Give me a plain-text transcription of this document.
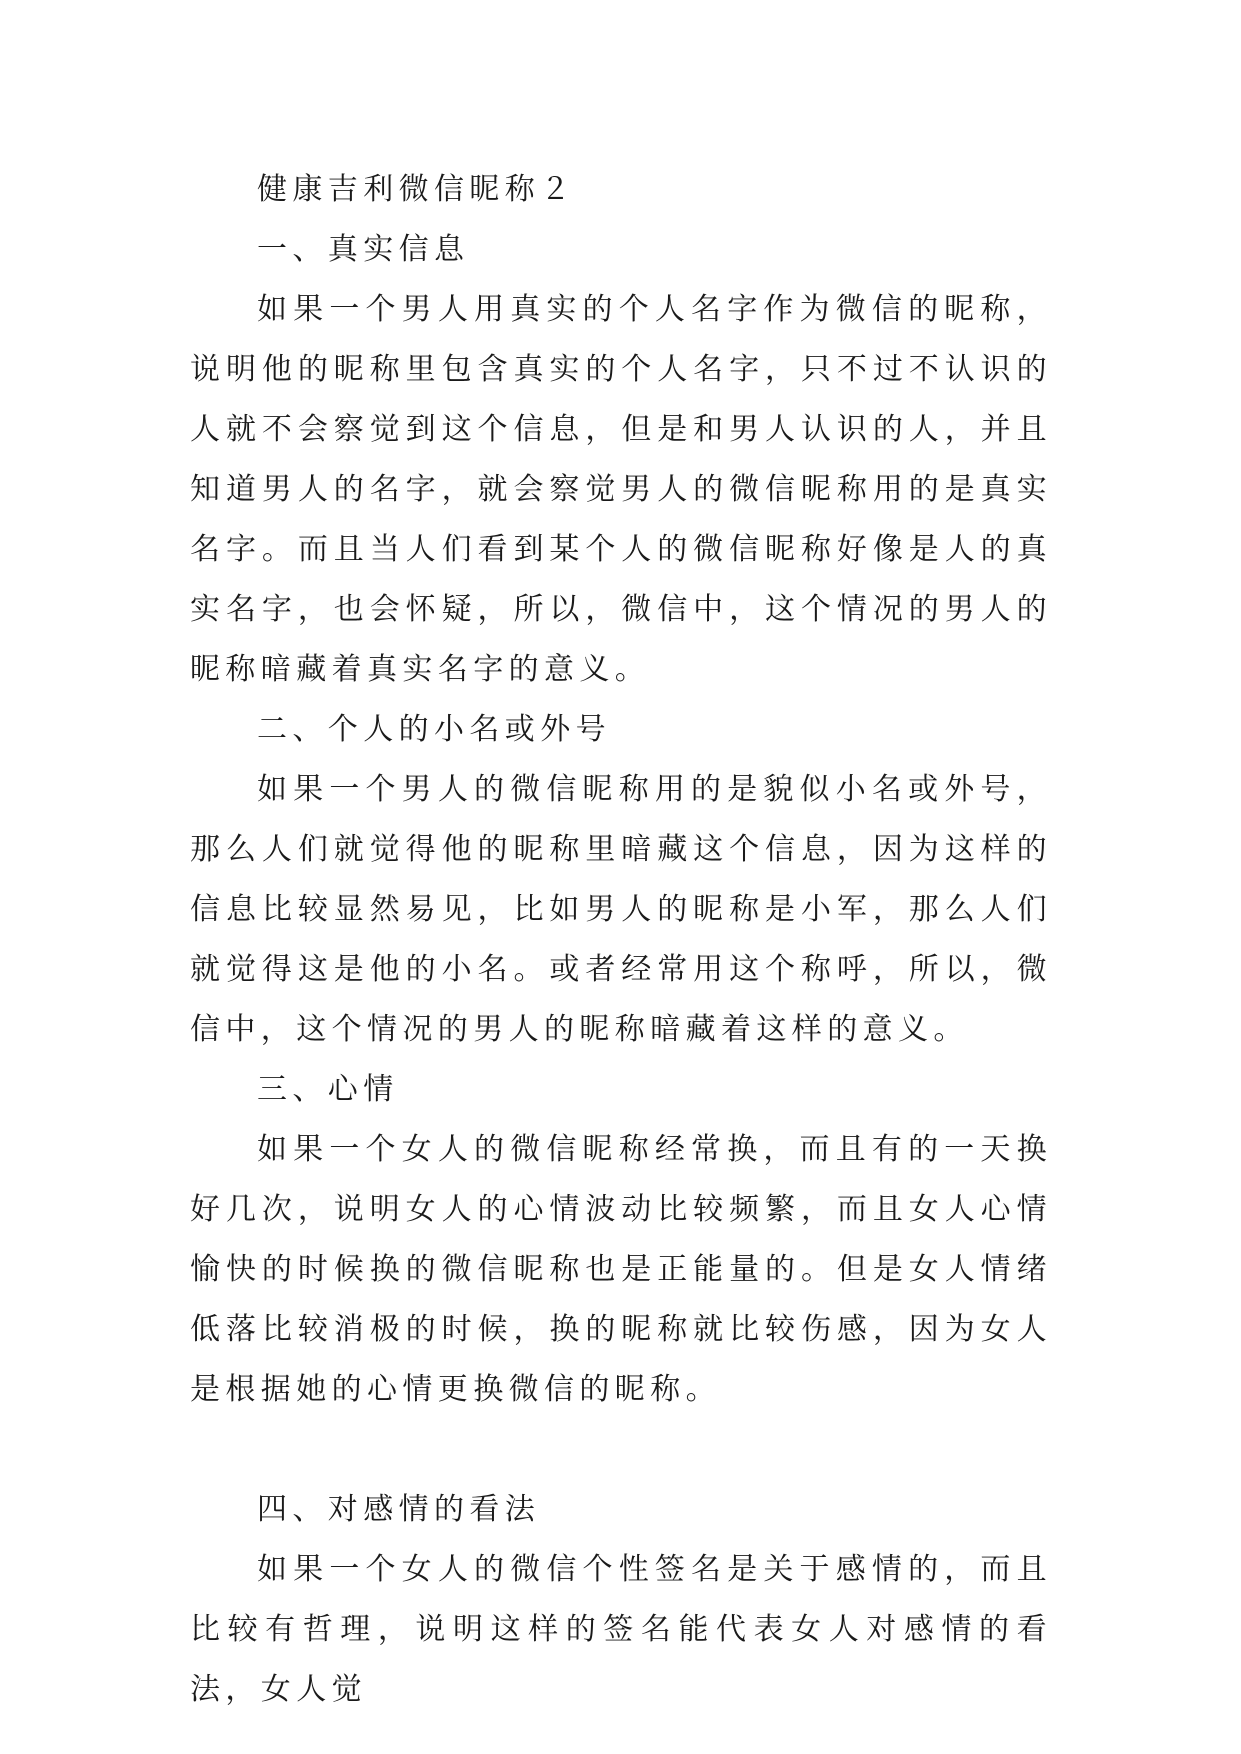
健康吉利微信昵称２

一、真实信息

如果一个男人用真实的个人名字作为微信的昵称，说明他的昵称里包含真实的个人名字，只不过不认识的人就不会察觉到这个信息，但是和男人认识的人，并且知道男人的名字，就会察觉男人的微信昵称用的是真实名字。而且当人们看到某个人的微信昵称好像是人的真实名字，也会怀疑，所以，微信中，这个情况的男人的昵称暗藏着真实名字的意义。

二、个人的小名或外号

如果一个男人的微信昵称用的是貌似小名或外号，那么人们就觉得他的昵称里暗藏这个信息，因为这样的信息比较显然易见，比如男人的昵称是小军，那么人们就觉得这是他的小名。或者经常用这个称呼，所以，微信中，这个情况的男人的昵称暗藏着这样的意义。

三、心情

如果一个女人的微信昵称经常换，而且有的一天换好几次，说明女人的心情波动比较频繁，而且女人心情愉快的时候换的微信昵称也是正能量的。但是女人情绪低落比较消极的时候，换的昵称就比较伤感，因为女人是根据她的心情更换微信的昵称。

四、对感情的看法

如果一个女人的微信个性签名是关于感情的，而且比较有哲理，说明这样的签名能代表女人对感情的看法，女人觉
